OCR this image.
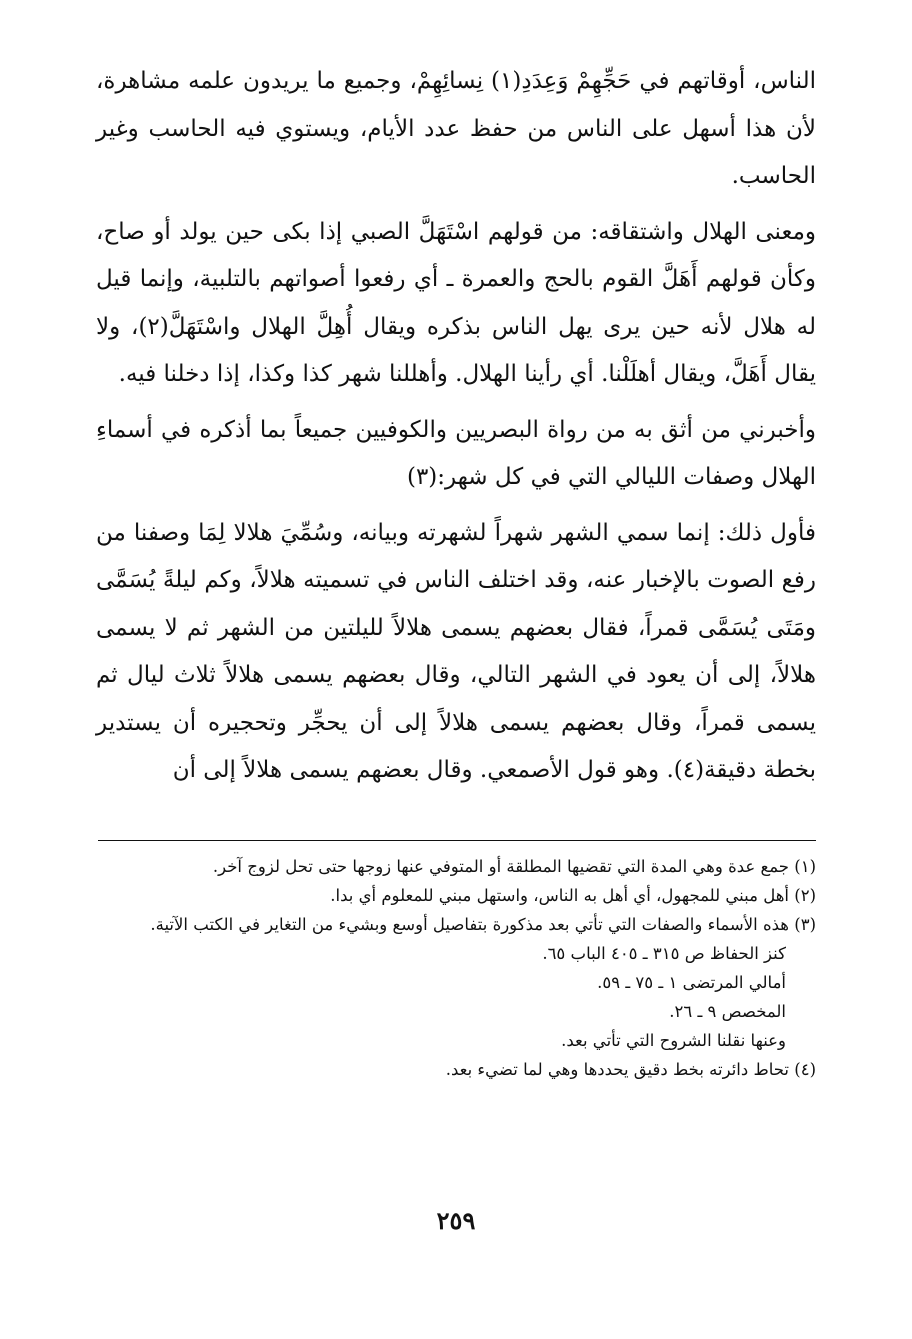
الناس، أوقاتهم في حَجِّهِمْ وَعِدَدِ(١) نِسائِهِمْ، وجميع ما يريدون علمه مشاهرة، لأن هذا أسهل على الناس من حفظ عدد الأيام، ويستوي فيه الحاسب وغير الحاسب.

ومعنى الهلال واشتقاقه: من قولهم اسْتَهَلَّ الصبي إذا بكى حين يولد أو صاح، وكأن قولهم أَهَلَّ القوم بالحج والعمرة ـ أي رفعوا أصواتهم بالتلبية، وإنما قيل له هلال لأنه حين يرى يهل الناس بذكره ويقال أُهِلَّ الهلال واسْتَهَلَّ(٢)، ولا يقال أَهَلَّ، ويقال أهلَلْنا. أي رأينا الهلال. وأهللنا شهر كذا وكذا، إذا دخلنا فيه.

وأخبرني من أثق به من رواة البصريين والكوفيين جميعاً بما أذكره في أسماءِ الهلال وصفات الليالي التي في كل شهر:(٣)

فأول ذلك: إنما سمي الشهر شهراً لشهرته وبيانه، وسُمِّيَ هلالا لِمَا وصفنا من رفع الصوت بالإخبار عنه، وقد اختلف الناس في تسميته هلالاً، وكم ليلةً يُسَمَّى ومَتَى يُسَمَّى قمراً، فقال بعضهم يسمى هلالاً لليلتين من الشهر ثم لا يسمى هلالاً، إلى أن يعود في الشهر التالي، وقال بعضهم يسمى هلالاً ثلاث ليال ثم يسمى قمراً، وقال بعضهم يسمى هلالاً إلى أن يحجِّر وتحجيره أن يستدير بخطة دقيقة(٤). وهو قول الأصمعي. وقال بعضهم يسمى هلالاً إلى أن

(١) جمع عدة وهي المدة التي تقضيها المطلقة أو المتوفي عنها زوجها حتى تحل لزوج آخر.

(٢) أهل مبني للمجهول، أي أهل به الناس، واستهل مبني للمعلوم أي بدا.

(٣) هذه الأسماء والصفات التي تأتي بعد مذكورة بتفاصيل أوسع وبشيء من التغاير في الكتب الآتية.

كنز الحفاظ ص ٣١٥ ـ ٤٠٥ الباب ٦٥.

أمالي المرتضى ١ ـ ٧٥ ـ ٥٩.

المخصص ٩ ـ ٢٦.

وعنها نقلنا الشروح التي تأتي بعد.

(٤) تحاط دائرته بخط دقيق يحددها وهي لما تضيء بعد.

٢٥٩
